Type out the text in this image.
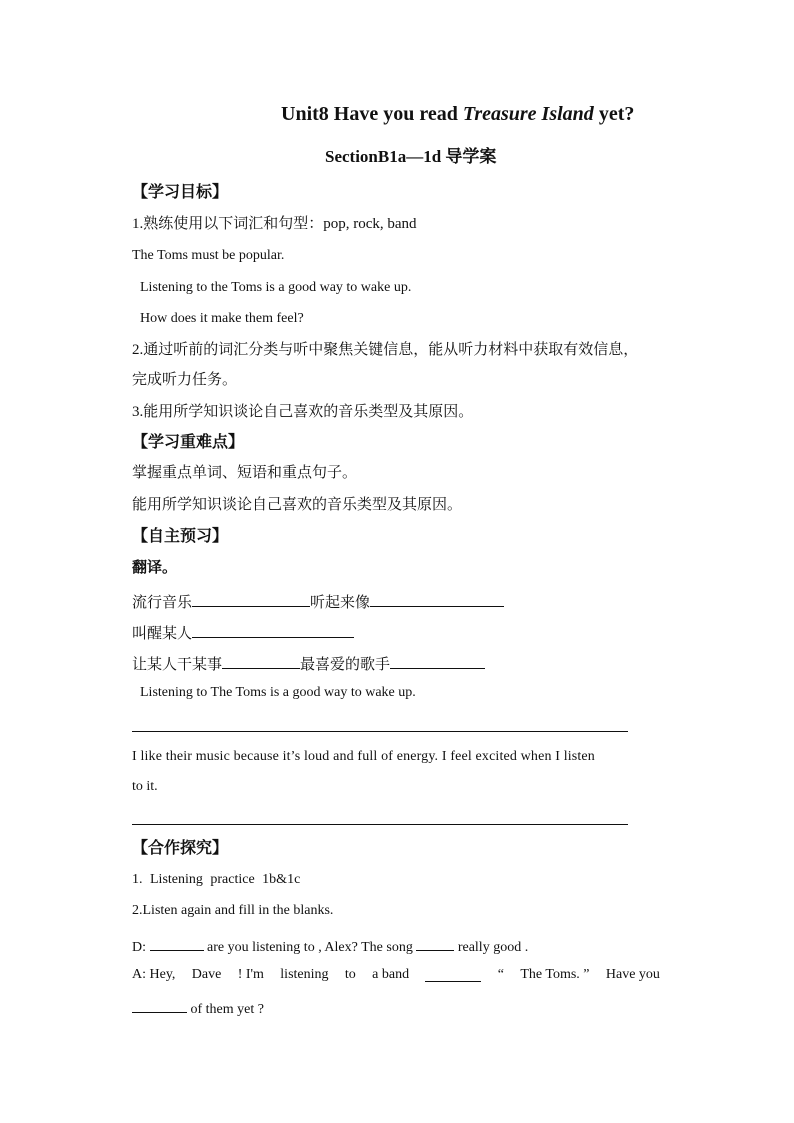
Unit8 Have you read Treasure Island yet?
SectionB1a—1d 导学案
【学习目标】
1.熟练使用以下词汇和句型：pop, rock, band
The Toms must be popular.
Listening to the Toms is a good way to wake up.
How does it make them feel?
2.通过听前的词汇分类与听中聚焦关键信息，能从听力材料中获取有效信息，
完成听力任务。
3.能用所学知识谈论自己喜欢的音乐类型及其原因。
【学习重难点】
掌握重点单词、短语和重点句子。
能用所学知识谈论自己喜欢的音乐类型及其原因。
【自主预习】
翻译。
流行音乐	听起来像
叫醒某人
让某人干某事	最喜爱的歌手
Listening to The Toms is a good way to wake up.
I like their music because it’s loud and full of energy. I feel excited when I listen
to it.
【合作探究】
1. Listening practice 1b&1c
2.Listen again and fill in the blanks.
D:	are you listening to , Alex? The song	really good .
A: Hey, Dave ! I'm listening to a band	“ The Toms. ” Have you
of them yet ?
